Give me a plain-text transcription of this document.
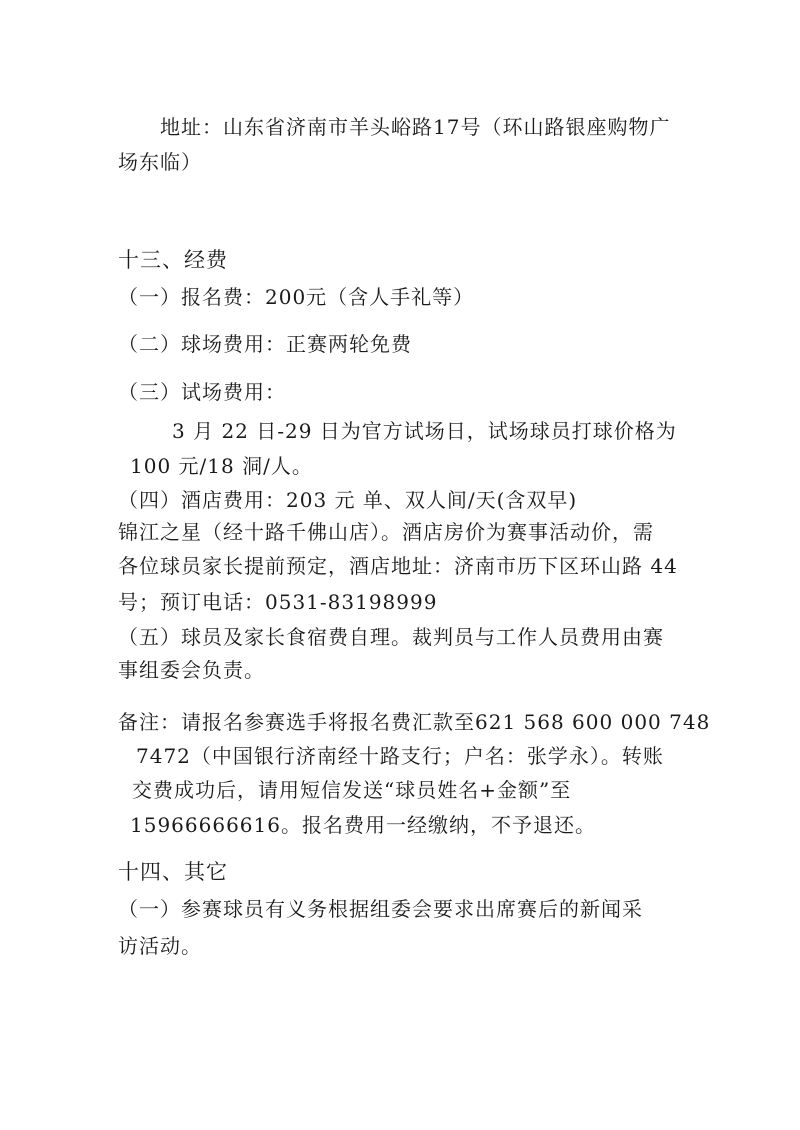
地址：山东省济南市羊头峪路17号（环山路银座购物广
场东临）
十三、经费
（一）报名费：200元（含人手礼等）
（二）球场费用：正赛两轮免费
（三）试场费用：
3 月 22 日-29 日为官方试场日，试场球员打球价格为
100 元/18 洞/人。
（四）酒店费用：203 元 单、双人间/天(含双早)
锦江之星（经十路千佛山店）。酒店房价为赛事活动价，需
各位球员家长提前预定，酒店地址：济南市历下区环山路 44
号；预订电话：0531-83198999
（五）球员及家长食宿费自理。裁判员与工作人员费用由赛
事组委会负责。
备注：请报名参赛选手将报名费汇款至621 568 600 000 748
7472（中国银行济南经十路支行；户名：张学永）。转账
交费成功后，请用短信发送“球员姓名+金额”至
15966666616。报名费用一经缴纳，不予退还。
十四、其它
（一）参赛球员有义务根据组委会要求出席赛后的新闻采
访活动。
